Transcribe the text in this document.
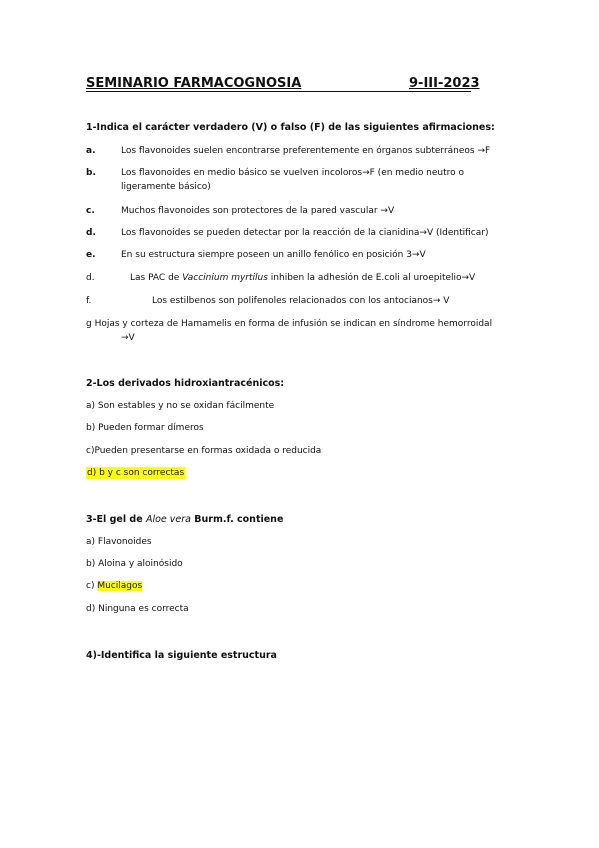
SEMINARIO FARMACOGNOSIA	9-III-2023
1-Indica el carácter verdadero (V) o falso (F) de las siguientes afirmaciones:
a.	Los flavonoides suelen encontrarse preferentemente en órganos subterráneos →F
b.	Los flavonoides en medio básico se vuelven incoloros→F (en medio neutro o
ligeramente básico)
c.	Muchos flavonoides son protectores de la pared vascular →V
d.	Los flavonoides se pueden detectar por la reacción de la cianidina→V (Identificar)
e.	En su estructura siempre poseen un anillo fenólico en posición 3→V
d.	Las PAC de Vaccinium myrtilus inhiben la adhesión de E.coli al uroepitelio→V
f.	Los estilbenos son polifenoles relacionados con los antocianos→ V
g Hojas y corteza de Hamamelis en forma de infusión se indican en síndrome hemorroidal
→V
2-Los derivados hidroxiantracénicos:
a) Son estables y no se oxidan fácilmente
b) Pueden formar dímeros
c)Pueden presentarse en formas oxidada o reducida
d) b y c son correctas
3-El gel de Aloe vera Burm.f. contiene
a) Flavonoides
b) Aloina y aloinósido
c) Mucilagos
d) Ninguna es correcta
4)-Identifica la siguiente estructura
